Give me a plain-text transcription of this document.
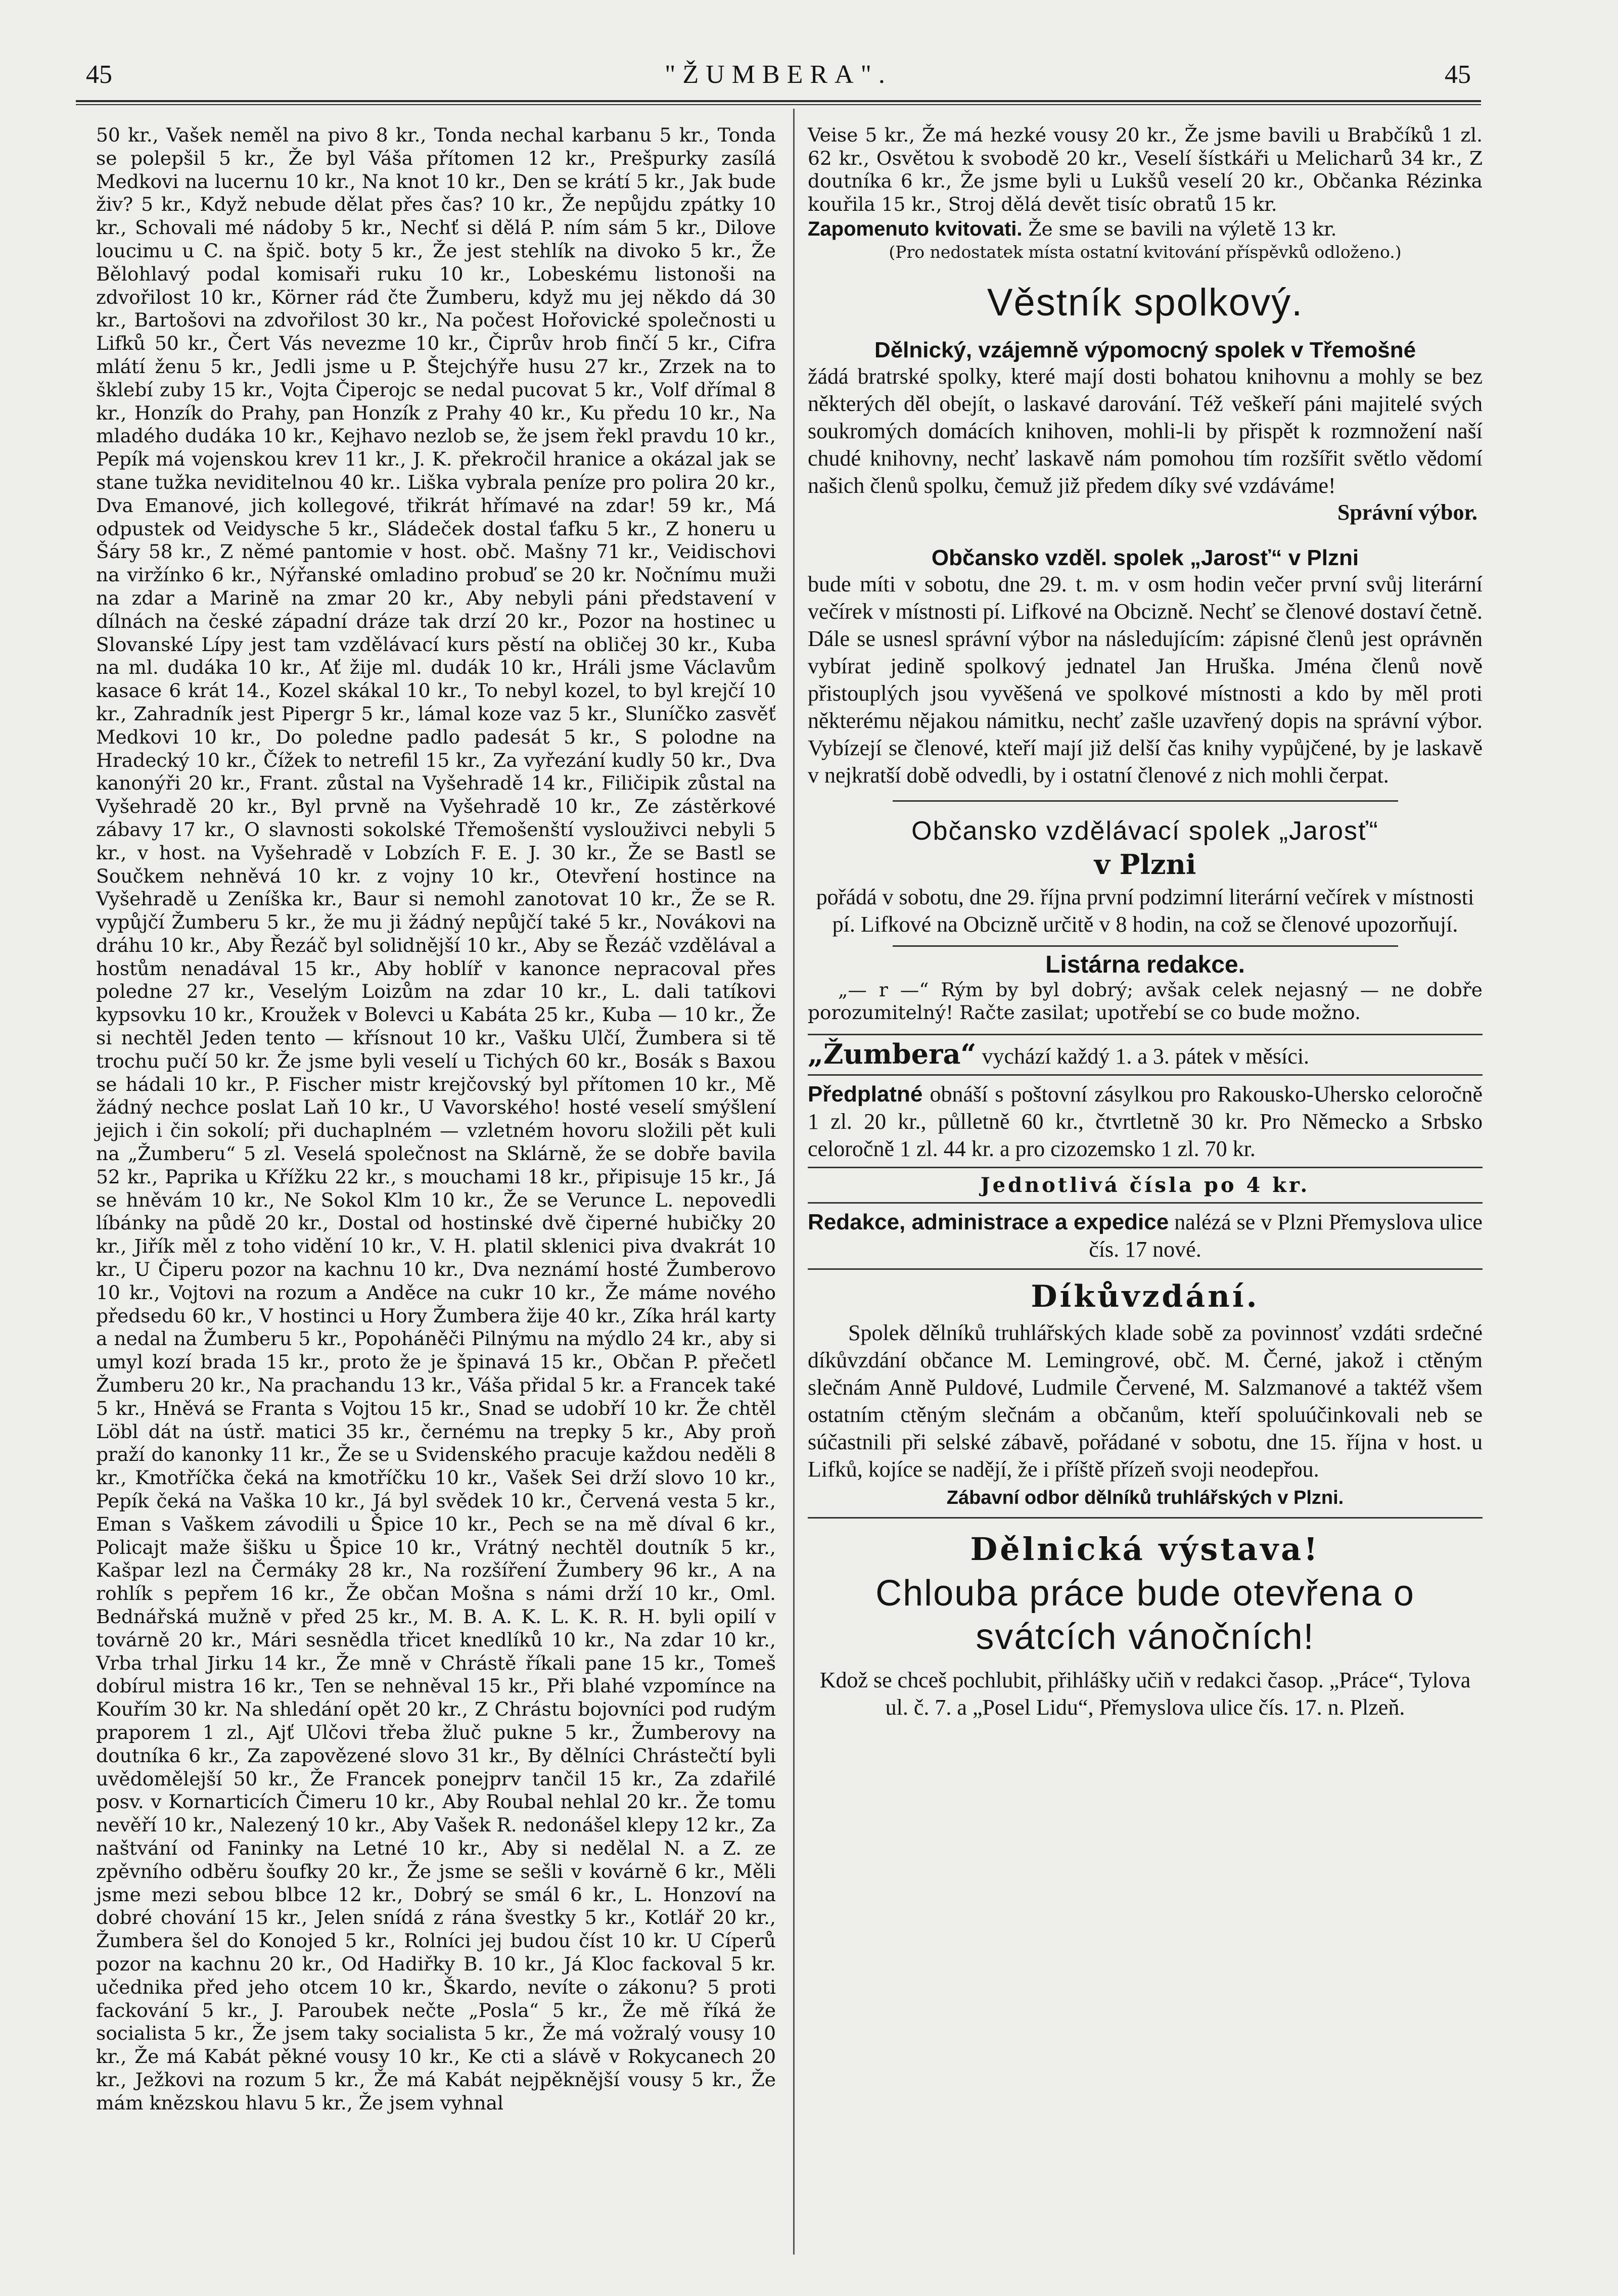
45	"ŽUMBERA".	45

50 kr., Vašek neměl na pivo 8 kr., Tonda nechal karbanu 5 kr., Tonda se polepšil 5 kr., Že byl Váša přítomen 12 kr., Prešpurky zasílá Medkovi na lucernu 10 kr., Na knot 10 kr., Den se krátí 5 kr., Jak bude živ? 5 kr., Když nebude dělat přes čas? 10 kr., Že nepůjdu zpátky 10 kr., Schovali mé nádoby 5 kr., Nechť si dělá P. ním sám 5 kr., Dilove loucimu u C. na špič. boty 5 kr., Že jest stehlík na divoko 5 kr., Že Bělohlavý podal komisaři ruku 10 kr., Lobeskému listonoši na zdvořilost 10 kr., Körner rád čte Žumberu, když mu jej někdo dá 30 kr., Bartošovi na zdvořilost 30 kr., Na počest Hořovické společnosti u Lifků 50 kr., Čert Vás nevezme 10 kr., Čiprův hrob finčí 5 kr., Cifra mlátí ženu 5 kr., Jedli jsme u P. Štejchýře husu 27 kr., Zrzek na to šklebí zuby 15 kr., Vojta Čiperojc se nedal pucovat 5 kr., Volf dřímal 8 kr., Honzík do Prahy, pan Honzík z Prahy 40 kr., Ku předu 10 kr., Na mladého dudáka 10 kr., Kejhavo nezlob se, že jsem řekl pravdu 10 kr., Pepík má vojenskou krev 11 kr., J. K. překročil hranice a okázal jak se stane tužka neviditelnou 40 kr.. Liška vybrala peníze pro polira 20 kr., Dva Emanové, jich kollegové, třikrát hřímavé na zdar! 59 kr., Má odpustek od Veidysche 5 kr., Sládeček dostal ťafku 5 kr., Z honeru u Šáry 58 kr., Z němé pantomie v host. obč. Mašny 71 kr., Veidischovi na viržínko 6 kr., Nýřanské omladino probuď se 20 kr. Nočnímu muži na zdar a Marině na zmar 20 kr., Aby nebyli páni představení v dílnách na české západní dráze tak drzí 20 kr., Pozor na hostinec u Slovanské Lípy jest tam vzdělávací kurs pěstí na obličej 30 kr., Kuba na ml. dudáka 10 kr., Ať žije ml. dudák 10 kr., Hráli jsme Václavům kasace 6 krát 14., Kozel skákal 10 kr., To nebyl kozel, to byl krejčí 10 kr., Zahradník jest Pipergr 5 kr., lámal koze vaz 5 kr., Sluníčko zasvěť Medkovi 10 kr., Do poledne padlo padesát 5 kr., S polodne na Hradecký 10 kr., Čížek to netrefil 15 kr., Za vyřezání kudly 50 kr., Dva kanonýři 20 kr., Frant. zůstal na Vyšehradě 14 kr., Filičipik zůstal na Vyšehradě 20 kr., Byl prvně na Vyšehradě 10 kr., Ze zástěrkové zábavy 17 kr., O slavnosti sokolské Třemošenští vyslouživci nebyli 5 kr., v host. na Vyšehradě v Lobzích F. E. J. 30 kr., Že se Bastl se Součkem nehněvá 10 kr. z vojny 10 kr., Otevření hostince na Vyšehradě u Zeníška kr., Baur si nemohl zanotovat 10 kr., Že se R. vypůjčí Žumberu 5 kr., že mu ji žádný nepůjčí také 5 kr., Novákovi na dráhu 10 kr., Aby Řezáč byl solidnější 10 kr., Aby se Řezáč vzdělával a hostům nenadával 15 kr., Aby hoblíř v kanonce nepracoval přes poledne 27 kr., Veselým Loizům na zdar 10 kr., L. dali tatíkovi kypsovku 10 kr., Kroužek v Bolevci u Kabáta 25 kr., Kuba — 10 kr., Že si nechtěl Jeden tento — křísnout 10 kr., Vašku Ulčí, Žumbera si tě trochu pučí 50 kr. Že jsme byli veselí u Tichých 60 kr., Bosák s Baxou se hádali 10 kr., P. Fischer mistr krejčovský byl přítomen 10 kr., Mě žádný nechce poslat Laň 10 kr., U Vavorského! hosté veselí smýšlení jejich i čin sokolí; při duchaplném — vzletném hovoru složili pět kuli na „Žumberu“ 5 zl. Veselá společnost na Sklárně, že se dobře bavila 52 kr., Paprika u Křížku 22 kr., s mouchami 18 kr., připisuje 15 kr., Já se hněvám 10 kr., Ne Sokol Klm 10 kr., Že se Verunce L. nepovedli líbánky na půdě 20 kr., Dostal od hostinské dvě čiperné hubičky 20 kr., Jiřík měl z toho vidění 10 kr., V. H. platil sklenici piva dvakrát 10 kr., U Čiperu pozor na kachnu 10 kr., Dva neznámí hosté Žumberovo 10 kr., Vojtovi na rozum a Anděce na cukr 10 kr., Že máme nového předsedu 60 kr., V hostinci u Hory Žumbera žije 40 kr., Zíka hrál karty a nedal na Žumberu 5 kr., Popoháněči Pilnýmu na mýdlo 24 kr., aby si umyl kozí brada 15 kr., proto že je špinavá 15 kr., Občan P. přečetl Žumberu 20 kr., Na prachandu 13 kr., Váša přidal 5 kr. a Francek také 5 kr., Hněvá se Franta s Vojtou 15 kr., Snad se udobří 10 kr. Že chtěl Löbl dát na ústř. matici 35 kr., černému na trepky 5 kr., Aby proň praží do kanonky 11 kr., Že se u Svidenského pracuje každou neděli 8 kr., Kmotříčka čeká na kmotříčku 10 kr., Vašek Sei drží slovo 10 kr., Pepík čeká na Vaška 10 kr., Já byl svědek 10 kr., Červená vesta 5 kr., Eman s Vaškem závodili u Špice 10 kr., Pech se na mě díval 6 kr., Policajt maže šišku u Špice 10 kr., Vrátný nechtěl doutník 5 kr., Kašpar lezl na Čermáky 28 kr., Na rozšíření Žumbery 96 kr., A na rohlík s pepřem 16 kr., Že občan Mošna s námi drží 10 kr., Oml. Bednářská mužně v před 25 kr., M. B. A. K. L. K. R. H. byli opilí v továrně 20 kr., Mári sesnědla třicet knedlíků 10 kr., Na zdar 10 kr., Vrba trhal Jirku 14 kr., Že mně v Chrástě říkali pane 15 kr., Tomeš dobírul mistra 16 kr., Ten se nehněval 15 kr., Při blahé vzpomínce na Kouřím 30 kr. Na shledání opět 20 kr., Z Chrástu bojovníci pod rudým praporem 1 zl., Ajť Ulčovi třeba žluč pukne 5 kr., Žumberovy na doutníka 6 kr., Za zapovězené slovo 31 kr., By dělníci Chrástečtí byli uvědomělejší 50 kr., Že Francek ponejprv tančil 15 kr., Za zdařilé posv. v Kornarticích Čimeru 10 kr., Aby Roubal nehlal 20 kr.. Že tomu nevěří 10 kr., Nalezený 10 kr., Aby Vašek R. nedonášel klepy 12 kr., Za naštvání od Faninky na Letné 10 kr., Aby si nedělal N. a Z. ze zpěvního odběru šoufky 20 kr., Že jsme se sešli v kovárně 6 kr., Měli jsme mezi sebou blbce 12 kr., Dobrý se smál 6 kr., L. Honzoví na dobré chování 15 kr., Jelen snídá z rána švestky 5 kr., Kotlář 20 kr., Žumbera šel do Konojed 5 kr., Rolníci jej budou číst 10 kr. U Cíperů pozor na kachnu 20 kr., Od Hadiřky B. 10 kr., Já Kloc fackoval 5 kr. učednika před jeho otcem 10 kr., Škardo, nevíte o zákonu? 5 proti fackování 5 kr., J. Paroubek nečte „Posla“ 5 kr., Že mě říká že socialista 5 kr., Že jsem taky socialista 5 kr., Že má vožralý vousy 10 kr., Že má Kabát pěkné vousy 10 kr., Ke cti a slávě v Rokycanech 20 kr., Ježkovi na rozum 5 kr., Že má Kabát nejpěknější vousy 5 kr., Že mám knězskou hlavu 5 kr., Že jsem vyhnal

Veise 5 kr., Že má hezké vousy 20 kr., Že jsme bavili u Brabčíků 1 zl. 62 kr., Osvětou k svobodě 20 kr., Veselí šístkáři u Melicharů 34 kr., Z doutníka 6 kr., Že jsme byli u Lukšů veselí 20 kr., Občanka Rézinka kouřila 15 kr., Stroj dělá devět tisíc obratů 15 kr.

Zapomenuto kvitovati. Že sme se bavili na výletě 13 kr.

(Pro nedostatek místa ostatní kvitování příspěvků odloženo.)

Věstník spolkový.
Dělnický, vzájemně výpomocný spolek v Třemošné

žádá bratrské spolky, které mají dosti bohatou knihovnu a mohly se bez některých děl obejít, o laskavé darování. Též veškeří páni majitelé svých soukromých domácích knihoven, mohli-li by přispět k rozmnožení naší chudé knihovny, nechť laskavě nám pomohou tím rozšířit světlo vědomí našich členů spolku, čemuž již předem díky své vzdáváme!

Správní výbor.

Občansko vzděl. spolek „Jarosť“ v Plzni

bude míti v sobotu, dne 29. t. m. v osm hodin večer první svůj literární večírek v místnosti pí. Lifkové na Obcizně. Nechť se členové dostaví četně. Dále se usnesl správní výbor na následujícím: zápisné členů jest oprávněn vybírat jedině spolkový jednatel Jan Hruška. Jména členů nově přistouplých jsou vyvěšená ve spolkové místnosti a kdo by měl proti některému nějakou námitku, nechť zašle uzavřený dopis na správní výbor. Vybízejí se členové, kteří mají již delší čas knihy vypůjčené, by je laskavě v nejkratší době odvedli, by i ostatní členové z nich mohli čerpat.

Občansko vzdělávací spolek „Jarosť“
v Plzni

pořádá v sobotu, dne 29. října první podzimní literární večírek v místnosti pí. Lifkové na Obcizně určitě v 8 hodin, na což se členové upozorňují.

Listárna redakce.

„— r —“ Rým by byl dobrý; avšak celek nejasný — ne dobře porozumitelný! Račte zasilat; upotřebí se co bude možno.

„Žumbera“ vychází každý 1. a 3. pátek v měsíci.

Předplatné obnáší s poštovní zásylkou pro Rakousko-Uhersko celoročně 1 zl. 20 kr., půlletně 60 kr., čtvrtletně 30 kr. Pro Německo a Srbsko celoročně 1 zl. 44 kr. a pro cizozemsko 1 zl. 70 kr.

Jednotlivá čísla po 4 kr.

Redakce, administrace a expedice nalézá se v Plzni Přemyslova ulice čís. 17 nové.

Díkůvzdání.

Spolek dělníků truhlářských klade sobě za povinnosť vzdáti srdečné díkůvzdání občance M. Lemingrové, obč. M. Černé, jakož i ctěným slečnám Anně Puldové, Ludmile Červené, M. Salzmanové a taktéž všem ostatním ctěným slečnám a občanům, kteří spoluúčinkovali neb se súčastnili při selské zábavě, pořádané v sobotu, dne 15. října v host. u Lifků, kojíce se nadějí, že i příště přízeň svoji neodepřou.

Zábavní odbor dělníků truhlářských v Plzni.

Dělnická výstava!
Chlouba práce bude otevřena o svátcích vánočních!

Kdož se chceš pochlubit, přihlášky učiň v redakci časop. „Práce“, Tylova ul. č. 7. a „Posel Lidu“, Přemyslova ulice čís. 17. n. Plzeň.
